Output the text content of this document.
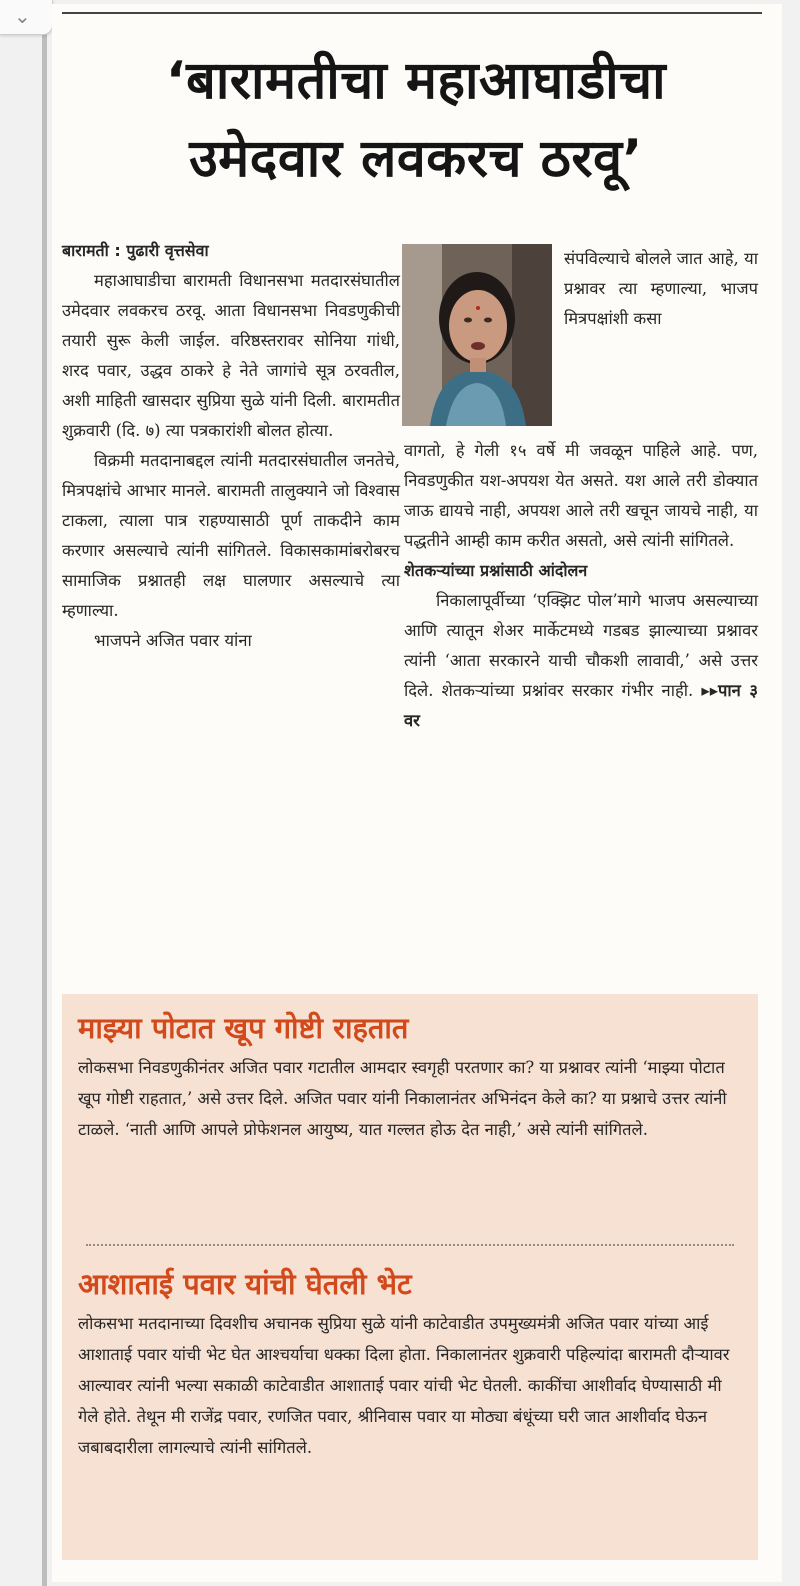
⌄
‘बारामतीचा महाआघाडीचा
उमेदवार लवकरच ठरवू’

बारामती : पुढारी वृत्तसेवा

महाआघाडीचा बारामती विधानसभा मतदारसंघातील उमेदवार लवकरच ठरवू. आता विधानसभा निवडणुकीची तयारी सुरू केली जाईल. वरिष्ठस्तरावर सोनिया गांधी, शरद पवार, उद्धव ठाकरे हे नेते जागांचे सूत्र ठरवतील, अशी माहिती खासदार सुप्रिया सुळे यांनी दिली. बारामतीत शुक्रवारी (दि. ७) त्या पत्रकारांशी बोलत होत्या.

विक्रमी मतदानाबद्दल त्यांनी मतदारसंघातील जनतेचे, मित्रपक्षांचे आभार मानले. बारामती तालुक्याने जो विश्वास टाकला, त्याला पात्र राहण्यासाठी पूर्ण ताकदीने काम करणार असल्याचे त्यांनी सांगितले. विकासकामांबरोबरच सामाजिक प्रश्नातही लक्ष घालणार असल्याचे त्या म्हणाल्या.

भाजपने अजित पवार यांना

संपविल्याचे बोलले जात आहे, या प्रश्नावर त्या म्हणाल्या, भाजप मित्रपक्षांशी कसा

वागतो, हे गेली १५ वर्षे मी जवळून पाहिले आहे. पण, निवडणुकीत यश-अपयश येत असते. यश आले तरी डोक्यात जाऊ द्यायचे नाही, अपयश आले तरी खचून जायचे नाही, या पद्धतीने आम्ही काम करीत असतो, असे त्यांनी सांगितले.

शेतकऱ्यांच्या प्रश्नांसाठी आंदोलन

निकालापूर्वीच्या ‘एक्झिट पोल’मागे भाजप असल्याच्या आणि त्यातून शेअर मार्केटमध्ये गडबड झाल्याच्या प्रश्नावर त्यांनी ‘आता सरकारने याची चौकशी लावावी,’ असे उत्तर दिले. शेतकऱ्यांच्या प्रश्नांवर सरकार गंभीर नाही. ▸▸पान ३ वर

माझ्या पोटात खूप गोष्टी राहतात
लोकसभा निवडणुकीनंतर अजित पवार गटातील आमदार स्वगृही परतणार का? या प्रश्नावर त्यांनी ‘माझ्या पोटात खूप गोष्टी राहतात,’ असे उत्तर दिले. अजित पवार यांनी निकालानंतर अभिनंदन केले का? या प्रश्नाचे उत्तर त्यांनी टाळले. ‘नाती आणि आपले प्रोफेशनल आयुष्य, यात गल्लत होऊ देत नाही,’ असे त्यांनी सांगितले.
आशाताई पवार यांची घेतली भेट
लोकसभा मतदानाच्या दिवशीच अचानक सुप्रिया सुळे यांनी काटेवाडीत उपमुख्यमंत्री अजित पवार यांच्या आई आशाताई पवार यांची भेट घेत आश्चर्याचा धक्का दिला होता. निकालानंतर शुक्रवारी पहिल्यांदा बारामती दौऱ्यावर आल्यावर त्यांनी भल्या सकाळी काटेवाडीत आशाताई पवार यांची भेट घेतली. काकींचा आशीर्वाद घेण्यासाठी मी गेले होते. तेथून मी राजेंद्र पवार, रणजित पवार, श्रीनिवास पवार या मोठ्या बंधूंच्या घरी जात आशीर्वाद घेऊन जबाबदारीला लागल्याचे त्यांनी सांगितले.
